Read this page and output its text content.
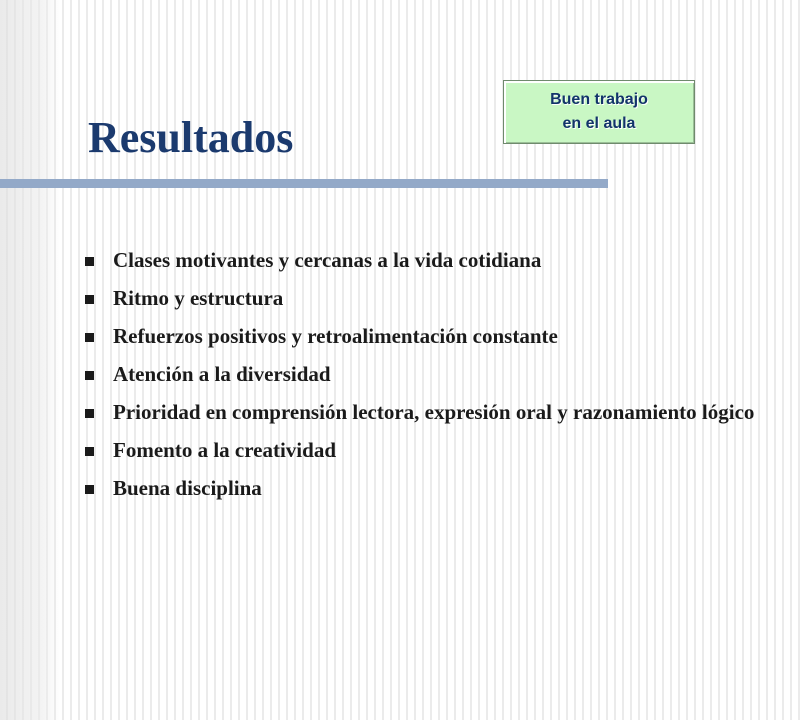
Resultados
Buen trabajo
en el aula
Clases motivantes y cercanas a la vida cotidiana
Ritmo y estructura
Refuerzos positivos y retroalimentación constante
Atención a la diversidad
Prioridad en comprensión lectora, expresión oral y razonamiento lógico
Fomento a la creatividad
Buena disciplina
